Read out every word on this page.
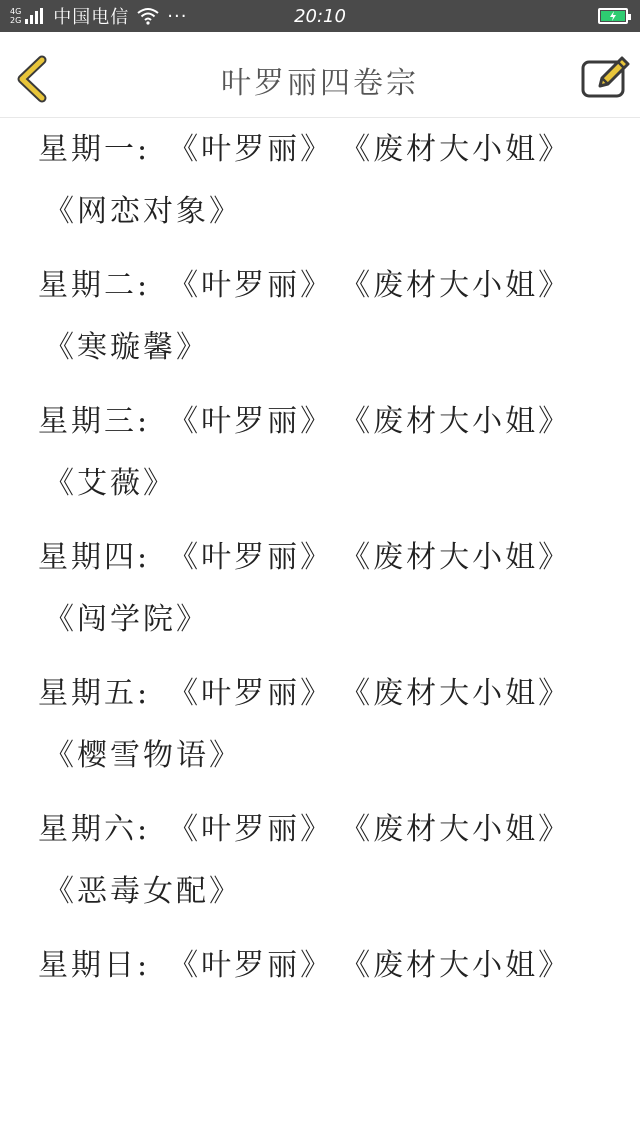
4G
2G 中国电信 ···	20:10
叶罗丽四卷宗
星期一: 《叶罗丽》 《废材大小姐》
《网恋对象》
星期二: 《叶罗丽》 《废材大小姐》
《寒璇馨》
星期三: 《叶罗丽》 《废材大小姐》
《艾薇》
星期四: 《叶罗丽》 《废材大小姐》
《闯学院》
星期五: 《叶罗丽》 《废材大小姐》
《樱雪物语》
星期六: 《叶罗丽》 《废材大小姐》
《恶毒女配》
星期日: 《叶罗丽》 《废材大小姐》
